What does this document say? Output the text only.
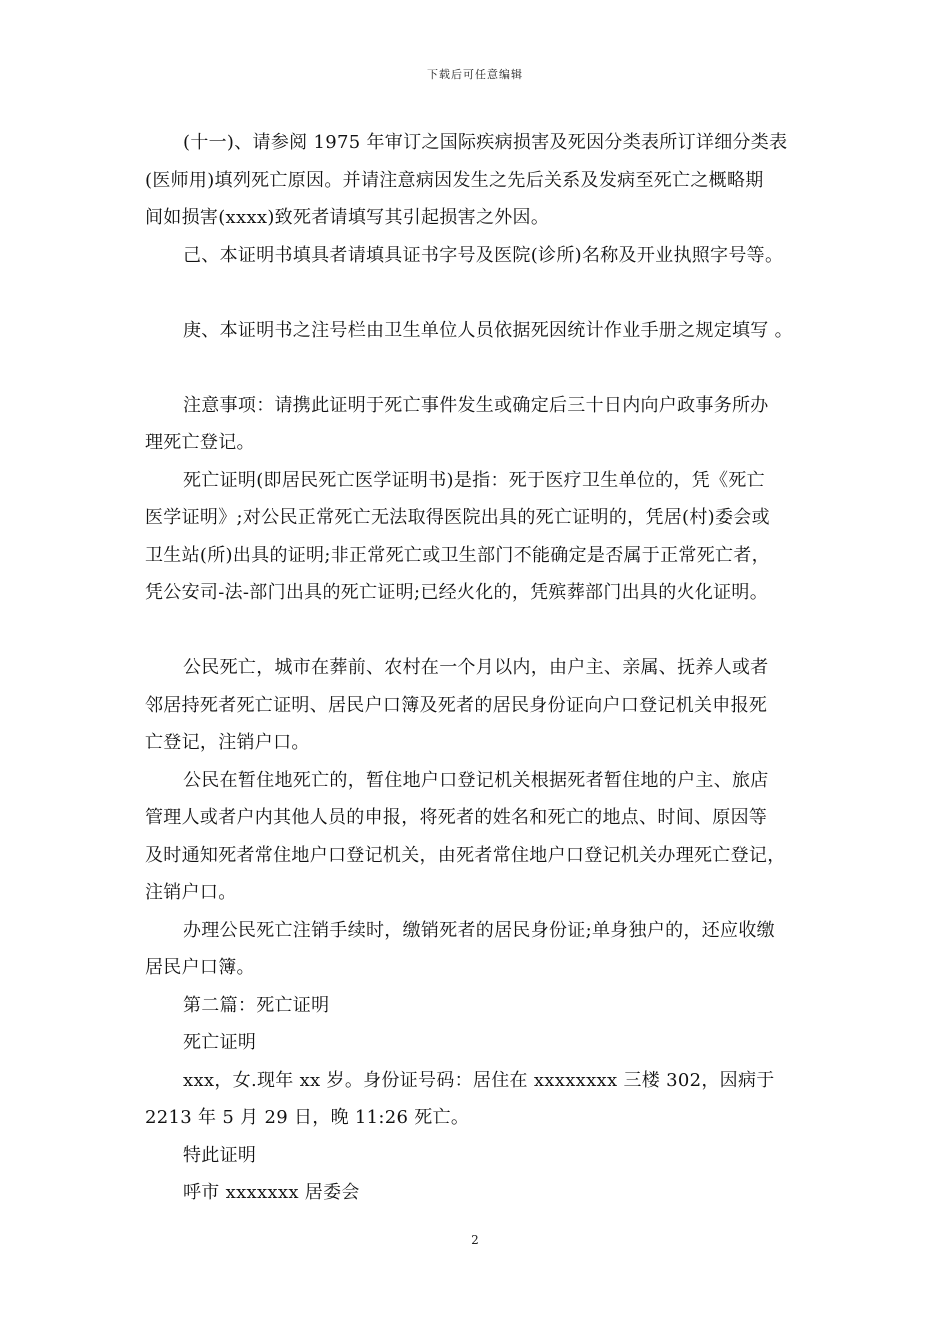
下载后可任意编辑
(十一)、请参阅 1975 年审订之国际疾病损害及死因分类表所订详细分类表
(医师用)填列死亡原因。并请注意病因发生之先后关系及发病至死亡之概略期
间如损害(xxxx)致死者请填写其引起损害之外因。
己、本证明书填具者请填具证书字号及医院(诊所)名称及开业执照字号等。
庚、本证明书之注号栏由卫生单位人员依据死因统计作业手册之规定填写 。
注意事项：请携此证明于死亡事件发生或确定后三十日内向户政事务所办
理死亡登记。
死亡证明(即居民死亡医学证明书)是指：死于医疗卫生单位的，凭《死亡
医学证明》;对公民正常死亡无法取得医院出具的死亡证明的，凭居(村)委会或
卫生站(所)出具的证明;非正常死亡或卫生部门不能确定是否属于正常死亡者，
凭公安司-法-部门出具的死亡证明;已经火化的，凭殡葬部门出具的火化证明。
公民死亡，城市在葬前、农村在一个月以内，由户主、亲属、抚养人或者
邻居持死者死亡证明、居民户口簿及死者的居民身份证向户口登记机关申报死
亡登记，注销户口。
公民在暂住地死亡的，暂住地户口登记机关根据死者暂住地的户主、旅店
管理人或者户内其他人员的申报，将死者的姓名和死亡的地点、时间、原因等
及时通知死者常住地户口登记机关，由死者常住地户口登记机关办理死亡登记，
注销户口。
办理公民死亡注销手续时，缴销死者的居民身份证;单身独户的，还应收缴
居民户口簿。
第二篇：死亡证明
死亡证明
xxx，女.现年 xx 岁。身份证号码：居住在 xxxxxxxx 三楼 302，因病于
2213 年 5 月 29 日，晚 11:26 死亡。
特此证明
呼市 xxxxxxx 居委会
2
